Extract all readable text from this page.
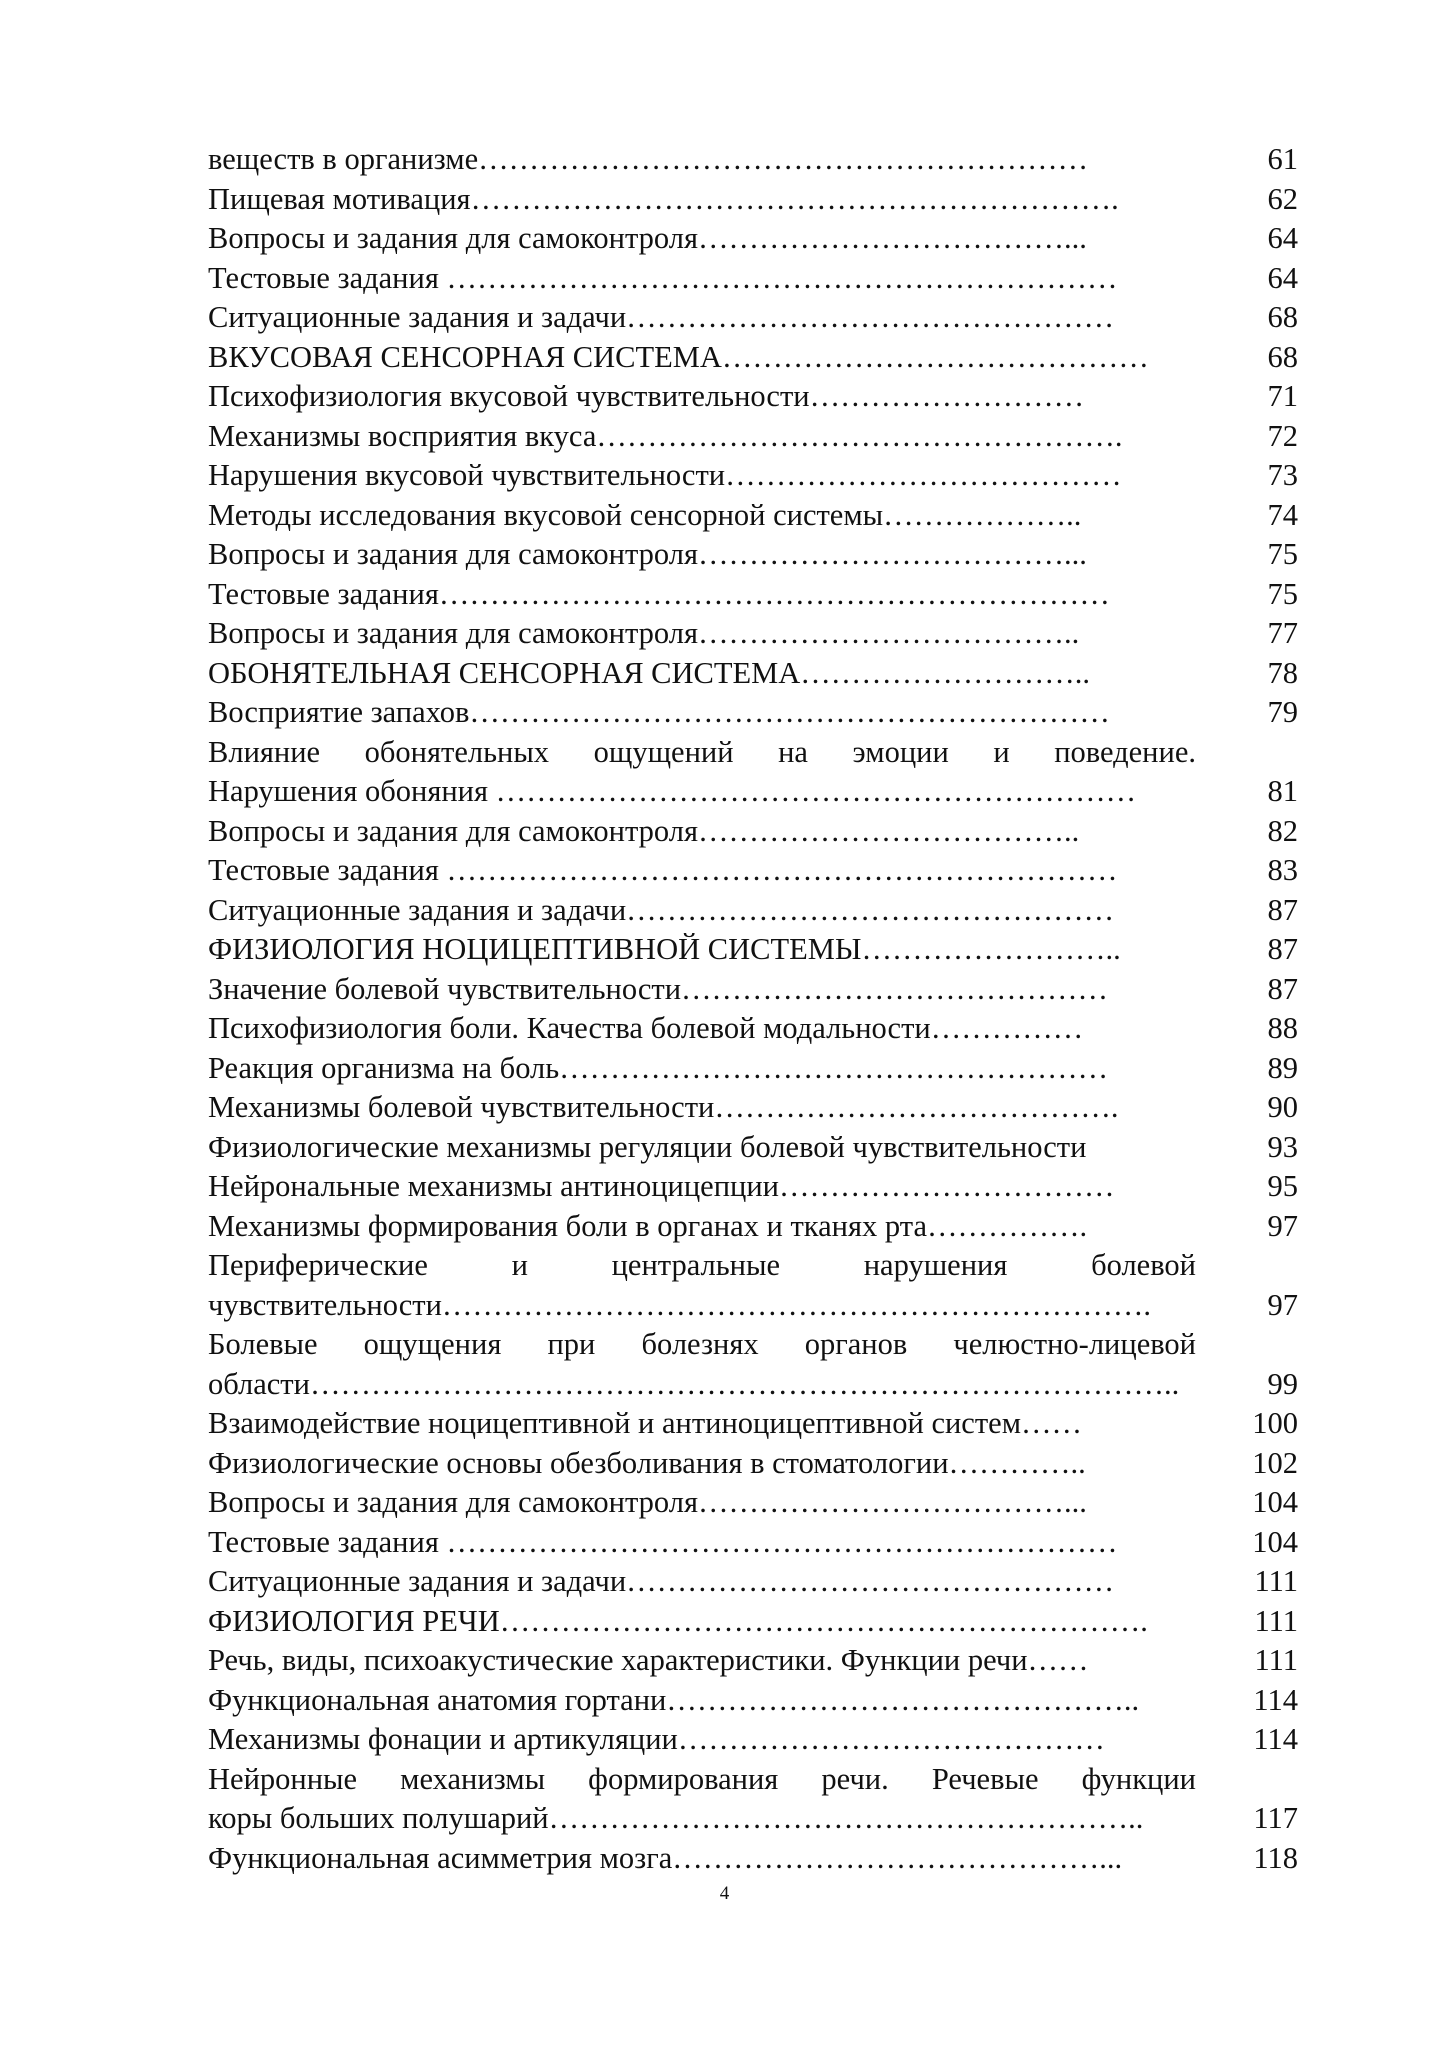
веществ в организме……………………………………………………	61
Пищевая мотивация……………………………………………………….	62
Вопросы и задания для самоконтроля………………………………...	64
Тестовые задания …………………………………………………………	64
Ситуационные задания и задачи…………………………………………	68
ВКУСОВАЯ СЕНСОРНАЯ СИСТЕМА……………………………………	68
Психофизиология вкусовой чувствительности………………………	71
Механизмы восприятия вкуса…………………………………………….	72
Нарушения вкусовой чувствительности…………………………………	73
Методы исследования вкусовой сенсорной системы………………..	74
Вопросы и задания для самоконтроля………………………………...	75
Тестовые задания…………………………………………………………	75
Вопросы и задания для самоконтроля………………………………..	77
ОБОНЯТЕЛЬНАЯ СЕНСОРНАЯ СИСТЕМА………………………..	78
Восприятие запахов………………………………………………………	79
Влияние обонятельных ощущений на эмоции и поведение.
Нарушения обоняния ………………………………………………………	81
Вопросы и задания для самоконтроля………………………………..	82
Тестовые задания …………………………………………………………	83
Ситуационные задания и задачи…………………………………………	87
ФИЗИОЛОГИЯ НОЦИЦЕПТИВНОЙ СИСТЕМЫ……………………..	87
Значение болевой чувствительности……………………………………	87
Психофизиология боли. Качества болевой модальности……………	88
Реакция организма на боль………………………………………………	89
Механизмы болевой чувствительности………………………………….	90
Физиологические механизмы регуляции болевой чувствительности	93
Нейрональные механизмы антиноцицепции……………………………	95
Механизмы формирования боли в органах и тканях рта…………….	97
Периферические и центральные нарушения болевой
чувствительности…………………………………………………………….	97
Болевые ощущения при болезнях органов челюстно-лицевой
области…………………………………………………………………………..	99
Взаимодействие ноцицептивной и антиноцицептивной систем……	100
Физиологические основы обезболивания в стоматологии…………..	102
Вопросы и задания для самоконтроля………………………………...	104
Тестовые задания …………………………………………………………	104
Ситуационные задания и задачи…………………………………………	111
ФИЗИОЛОГИЯ РЕЧИ……………………………………………………….	111
Речь, виды, психоакустические характеристики. Функции речи……	111
Функциональная анатомия гортани………………………………………..	114
Механизмы фонации и артикуляции……………………………………	114
Нейронные механизмы формирования речи. Речевые функции
коры больших полушарий…………………………………………………..	117
Функциональная асимметрия мозга……………………………………...	118
4
